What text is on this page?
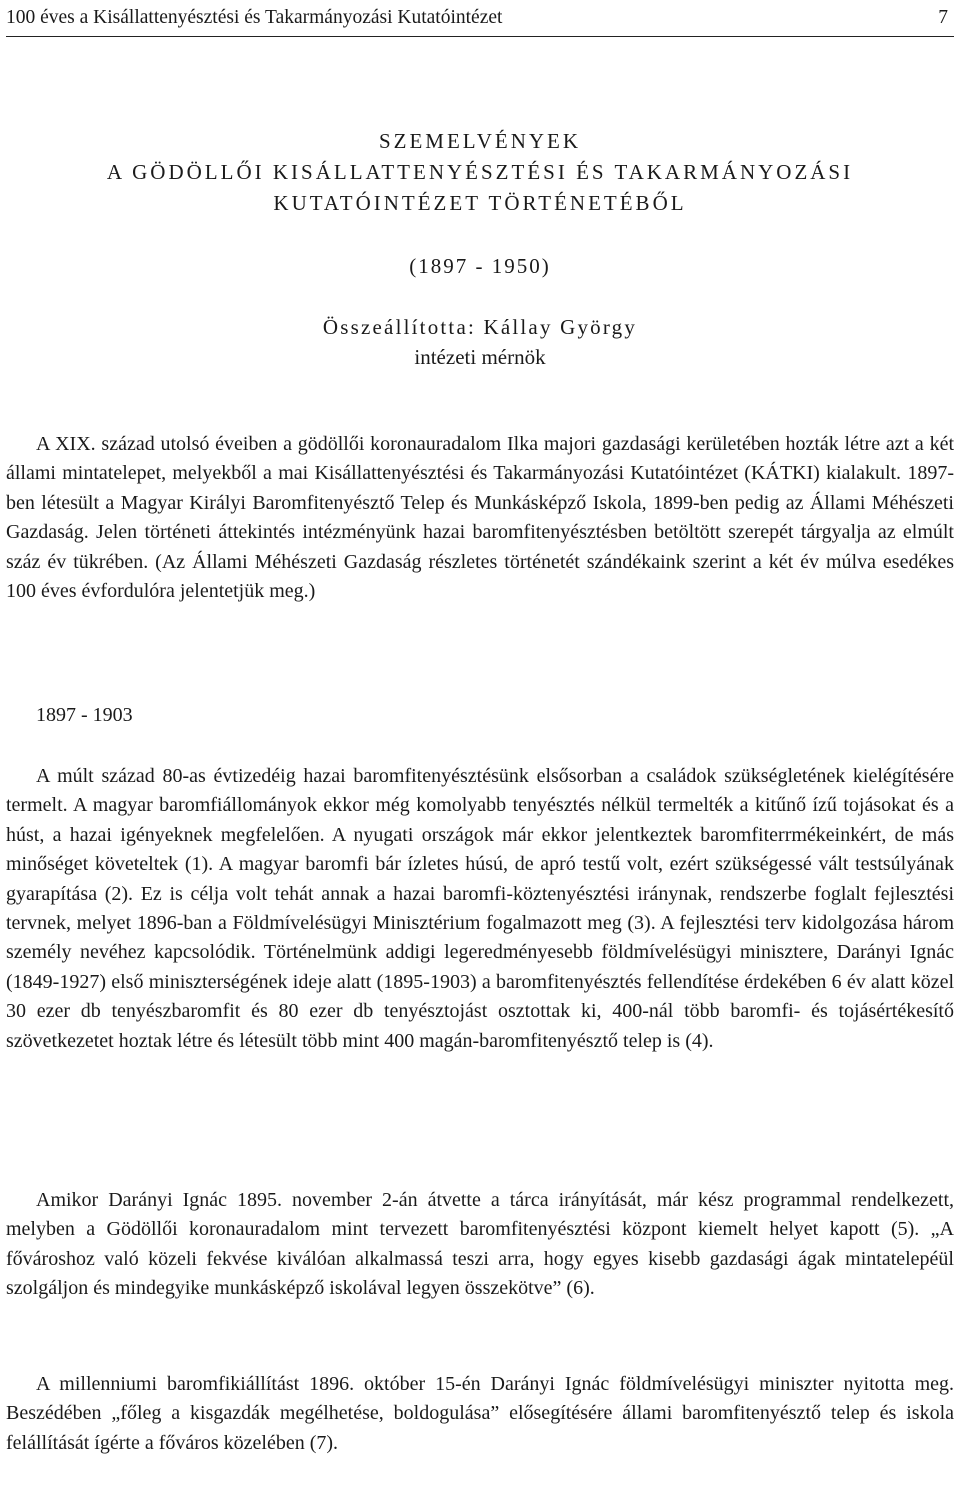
100 éves a Kisállattenyésztési és Takarmányozási Kutatóintézet	7
SZEMELVÉNYEK
A GÖDÖLLŐI KISÁLLATTENYÉSZTÉSI ÉS TAKARMÁNYOZÁSI
KUTATÓINTÉZET TÖRTÉNETÉBŐL
(1897 - 1950)
Összeállította: Kállay György
intézeti mérnök

A XIX. század utolsó éveiben a gödöllői koronauradalom Ilka majori gazdasági kerületében hozták létre azt a két állami mintatelepet, melyekből a mai Kisállattenyésztési és Takarmányozási Kutatóintézet (KÁTKI) kialakult. 1897-ben létesült a Magyar Királyi Baromfitenyésztő Telep és Munkásképző Iskola, 1899-ben pedig az Állami Méhészeti Gazdaság. Jelen történeti áttekintés intézményünk hazai baromfitenyésztésben betöltött szerepét tárgyalja az elmúlt száz év tükrében. (Az Állami Méhészeti Gazdaság részletes történetét szándékaink szerint a két év múlva esedékes 100 éves évfordulóra jelentetjük meg.)

1897 - 1903

A múlt század 80-as évtizedéig hazai baromfitenyésztésünk elsősorban a családok szükségletének kielégítésére termelt. A magyar baromfiállományok ekkor még komolyabb tenyésztés nélkül termelték a kitűnő ízű tojásokat és a húst, a hazai igényeknek megfelelően. A nyugati országok már ekkor jelentkeztek baromfiterrmékeinkért, de más minőséget követeltek (1). A magyar baromfi bár ízletes húsú, de apró testű volt, ezért szükségessé vált testsúlyának gyarapítása (2). Ez is célja volt tehát annak a hazai baromfi-köztenyésztési iránynak, rendszerbe foglalt fejlesztési tervnek, melyet 1896-ban a Földmívelésügyi Minisztérium fogalmazott meg (3). A fejlesztési terv kidolgozása három személy nevéhez kapcsolódik. Történelmünk addigi legeredményesebb földmívelésügyi minisztere, Darányi Ignác (1849-1927) első miniszterségének ideje alatt (1895-1903) a baromfitenyésztés fellendítése érdekében 6 év alatt közel 30 ezer db tenyészbaromfit és 80 ezer db tenyésztojást osztottak ki, 400-nál több baromfi- és tojásértékesítő szövetkezetet hoztak létre és létesült több mint 400 magán-baromfitenyésztő telep is (4).

Amikor Darányi Ignác 1895. november 2-án átvette a tárca irányítását, már kész programmal rendelkezett, melyben a Gödöllői koronauradalom mint tervezett baromfitenyésztési központ kiemelt helyet kapott (5). „A fővároshoz való közeli fekvése kiválóan alkalmassá teszi arra, hogy egyes kisebb gazdasági ágak mintatelepéül szolgáljon és mindegyike munkásképző iskolával legyen összekötve” (6).

A millenniumi baromfikiállítást 1896. október 15-én Darányi Ignác földmívelésügyi miniszter nyitotta meg. Beszédében „főleg a kisgazdák megélhetése, boldogulása” elősegítésére állami baromfitenyésztő telep és iskola felállítását ígérte a főváros közelében (7).
